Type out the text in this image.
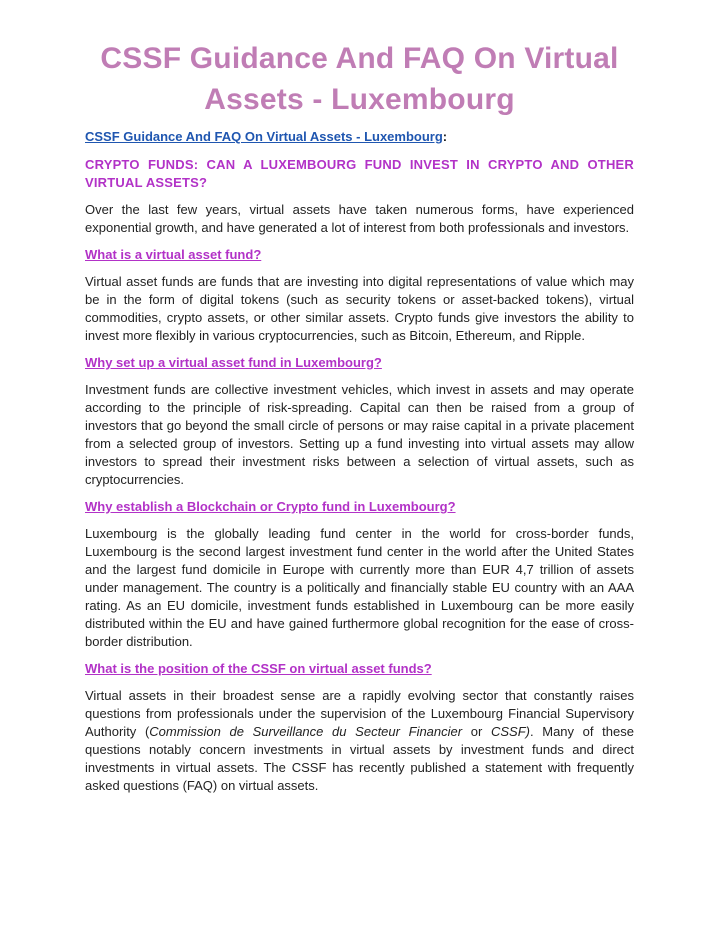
CSSF Guidance And FAQ On Virtual Assets - Luxembourg

CSSF Guidance And FAQ On Virtual Assets - Luxembourg:

CRYPTO FUNDS: CAN A LUXEMBOURG FUND INVEST IN CRYPTO AND OTHER VIRTUAL ASSETS?

Over the last few years, virtual assets have taken numerous forms, have experienced exponential growth, and have generated a lot of interest from both professionals and investors.

What is a virtual asset fund?

Virtual asset funds are funds that are investing into digital representations of value which may be in the form of digital tokens (such as security tokens or asset-backed tokens), virtual commodities, crypto assets, or other similar assets. Crypto funds give investors the ability to invest more flexibly in various cryptocurrencies, such as Bitcoin, Ethereum, and Ripple.

Why set up a virtual asset fund in Luxembourg?

Investment funds are collective investment vehicles, which invest in assets and may operate according to the principle of risk-spreading. Capital can then be raised from a group of investors that go beyond the small circle of persons or may raise capital in a private placement from a selected group of investors. Setting up a fund investing into virtual assets may allow investors to spread their investment risks between a selection of virtual assets, such as cryptocurrencies.

Why establish a Blockchain or Crypto fund in Luxembourg?

Luxembourg is the globally leading fund center in the world for cross-border funds, Luxembourg is the second largest investment fund center in the world after the United States and the largest fund domicile in Europe with currently more than EUR 4,7 trillion of assets under management. The country is a politically and financially stable EU country with an AAA rating. As an EU domicile, investment funds established in Luxembourg can be more easily distributed within the EU and have gained furthermore global recognition for the ease of cross-border distribution.

What is the position of the CSSF on virtual asset funds?

Virtual assets in their broadest sense are a rapidly evolving sector that constantly raises questions from professionals under the supervision of the Luxembourg Financial Supervisory Authority (Commission de Surveillance du Secteur Financier or CSSF). Many of these questions notably concern investments in virtual assets by investment funds and direct investments in virtual assets. The CSSF has recently published a statement with frequently asked questions (FAQ) on virtual assets.
